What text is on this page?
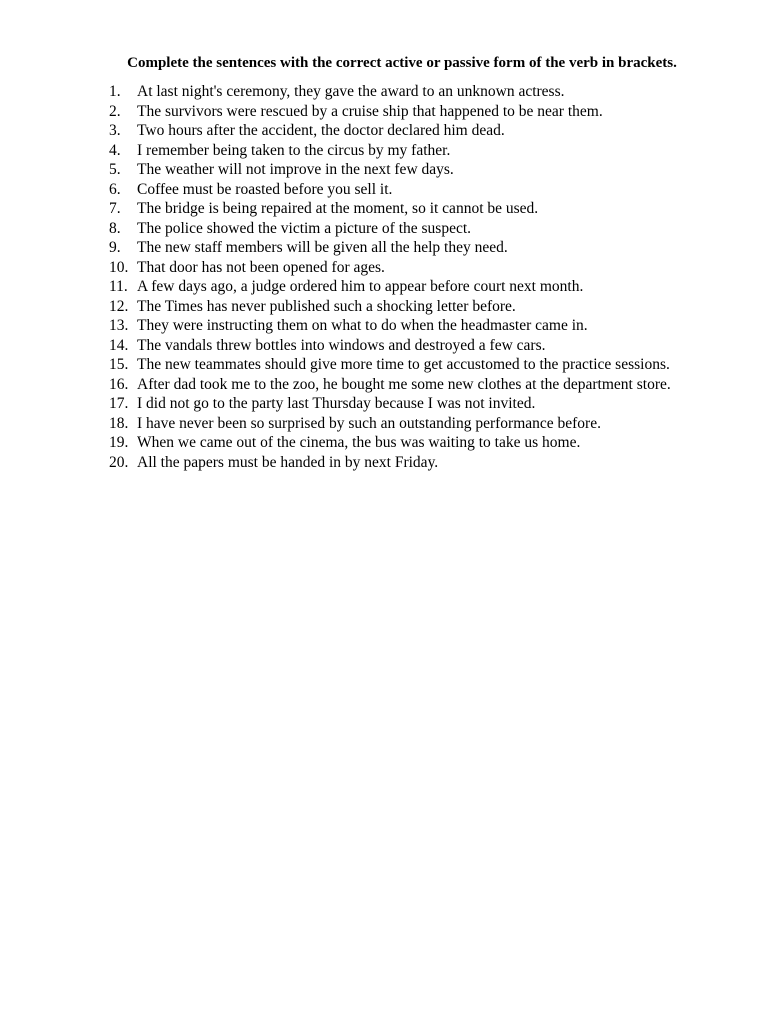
Complete the sentences with the correct active or passive form of the verb in brackets.
1. At last night's ceremony, they gave the award to an unknown actress.
2. The survivors were rescued by a cruise ship that happened to be near them.
3. Two hours after the accident, the doctor declared him dead.
4. I remember being taken to the circus by my father.
5. The weather will not improve in the next few days.
6. Coffee must be roasted before you sell it.
7. The bridge is being repaired at the moment, so it cannot be used.
8. The police showed the victim a picture of the suspect.
9. The new staff members will be given all the help they need.
10. That door has not been opened for ages.
11. A few days ago, a judge ordered him to appear before court next month.
12. The Times has never published such a shocking letter before.
13. They were instructing them on what to do when the headmaster came in.
14. The vandals threw bottles into windows and destroyed a few cars.
15. The new teammates should give more time to get accustomed to the practice sessions.
16. After dad took me to the zoo, he bought me some new clothes at the department store.
17. I did not go to the party last Thursday because I was not invited.
18. I have never been so surprised by such an outstanding performance before.
19. When we came out of the cinema, the bus was waiting to take us home.
20. All the papers must be handed in by next Friday.
